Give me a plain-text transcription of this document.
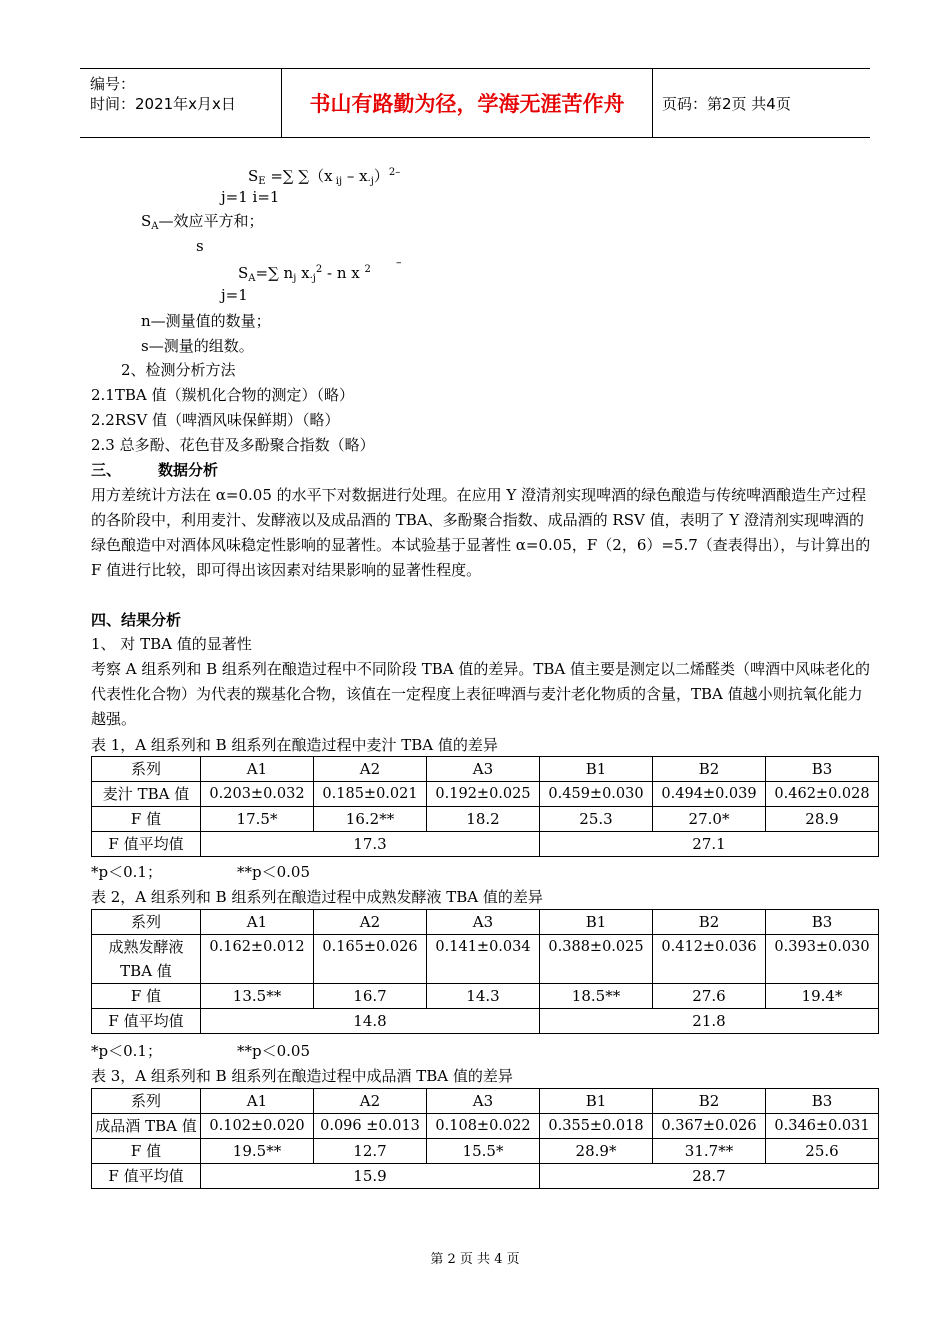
编号：
时间：2021年x月x日	书山有路勤为径，学海无涯苦作舟	页码：第2页 共4页
$S_E$ =∑ ∑（x $_{ij} - x_{\cdot j})^{2-}$
j=1 i=1
$S_A—$效应平方和；
s
$S_A=\sum$ $n_j$ $x_{\cdot j}^2$ - n x $^2$
–
j=1
n—测量值的数量；
s—测量的组数。
2、检测分析方法
2.1TBA 值（羰机化合物的测定）（略）
2.2RSV 值（啤酒风味保鲜期）（略）
2.3 总多酚、花色苷及多酚聚合指数（略）
三、 数据分析
用方差统计方法在 α=0.05 的水平下对数据进行处理。在应用 Y 澄清剂实现啤酒的绿色酿造与传统啤酒酿造生产过程的各阶段中，利用麦汁、发酵液以及成品酒的 TBA、多酚聚合指数、成品酒的 RSV 值，表明了 Y 澄清剂实现啤酒的绿色酿造中对酒体风味稳定性影响的显著性。本试验基于显著性 α=0.05，F（2，6）=5.7（查表得出），与计算出的 F 值进行比较，即可得出该因素对结果影响的显著性程度。
四、结果分析
1、 对 TBA 值的显著性
考察 A 组系列和 B 组系列在酿造过程中不同阶段 TBA 值的差异。TBA 值主要是测定以二烯醛类（啤酒中风味老化的代表性化合物）为代表的羰基化合物，该值在一定程度上表征啤酒与麦汁老化物质的含量，TBA 值越小则抗氧化能力越强。
表 1，A 组系列和 B 组系列在酿造过程中麦汁 TBA 值的差异
系列	A1	A2	A3	B1	B2	B3
麦汁 TBA 值	0.203±0.032	0.185±0.021	0.192±0.025	0.459±0.030	0.494±0.039	0.462±0.028
F 值	17.5*	16.2**	18.2	25.3	27.0*	28.9
F 值平均值	17.3			27.1		
*p＜0.1；	**p＜0.05
表 2，A 组系列和 B 组系列在酿造过程中成熟发酵液 TBA 值的差异
系列	A1	A2	A3	B1	B2	B3
成熟发酵液 TBA 值	0.162±0.012	0.165±0.026	0.141±0.034	0.388±0.025	0.412±0.036	0.393±0.030
F 值	13.5**	16.7	14.3	18.5**	27.6	19.4*
F 值平均值	14.8			21.8		
*p＜0.1；	**p＜0.05
表 3，A 组系列和 B 组系列在酿造过程中成品酒 TBA 值的差异
系列	A1	A2	A3	B1	B2	B3
成品酒 TBA 值	0.102±0.020	0.096 ±0.013	0.108±0.022	0.355±0.018	0.367±0.026	0.346±0.031
F 值	19.5**	12.7	15.5*	28.9*	31.7**	25.6
F 值平均值	15.9			28.7		
第 2 页 共 4 页
